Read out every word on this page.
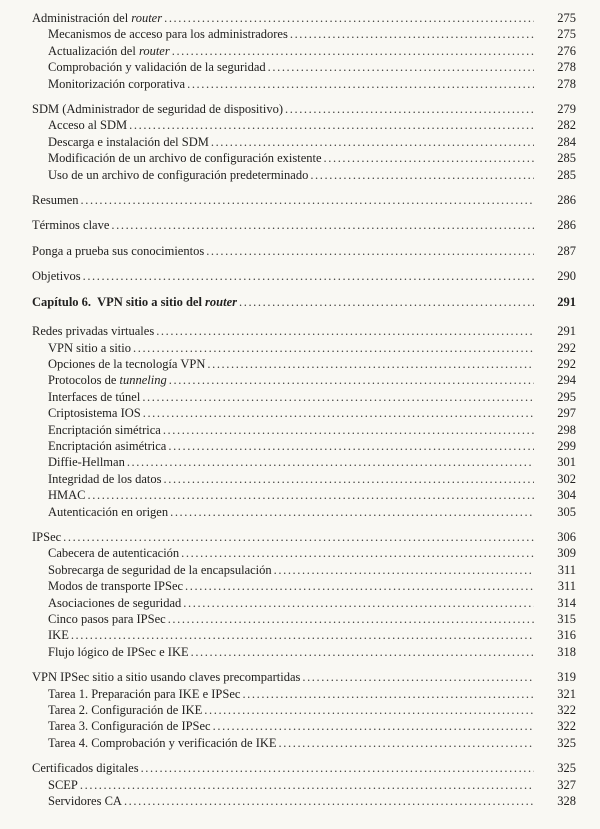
Administración del router .....	275
Mecanismos de acceso para los administradores .....	275
Actualización del router .....	276
Comprobación y validación de la seguridad .....	278
Monitorización corporativa .....	278
SDM (Administrador de seguridad de dispositivo) .....	279
Acceso al SDM .....	282
Descarga e instalación del SDM .....	284
Modificación de un archivo de configuración existente .....	285
Uso de un archivo de configuración predeterminado .....	285
Resumen .....	286
Términos clave .....	286
Ponga a prueba sus conocimientos .....	287
Objetivos .....	290
Capítulo 6.  VPN sitio a sitio del router .....	291
Redes privadas virtuales .....	291
VPN sitio a sitio .....	292
Opciones de la tecnología VPN .....	292
Protocolos de tunneling .....	294
Interfaces de túnel .....	295
Criptosistema IOS .....	297
Encriptación simétrica .....	298
Encriptación asimétrica .....	299
Diffie-Hellman .....	301
Integridad de los datos .....	302
HMAC .....	304
Autenticación en origen .....	305
IPSec .....	306
Cabecera de autenticación .....	309
Sobrecarga de seguridad de la encapsulación .....	311
Modos de transporte IPSec .....	311
Asociaciones de seguridad .....	314
Cinco pasos para IPSec .....	315
IKE .....	316
Flujo lógico de IPSec e IKE .....	318
VPN IPSec sitio a sitio usando claves precompartidas .....	319
Tarea 1. Preparación para IKE e IPSec .....	321
Tarea 2. Configuración de IKE .....	322
Tarea 3. Configuración de IPSec .....	322
Tarea 4. Comprobación y verificación de IKE .....	325
Certificados digitales .....	325
SCEP .....	327
Servidores CA .....	328
